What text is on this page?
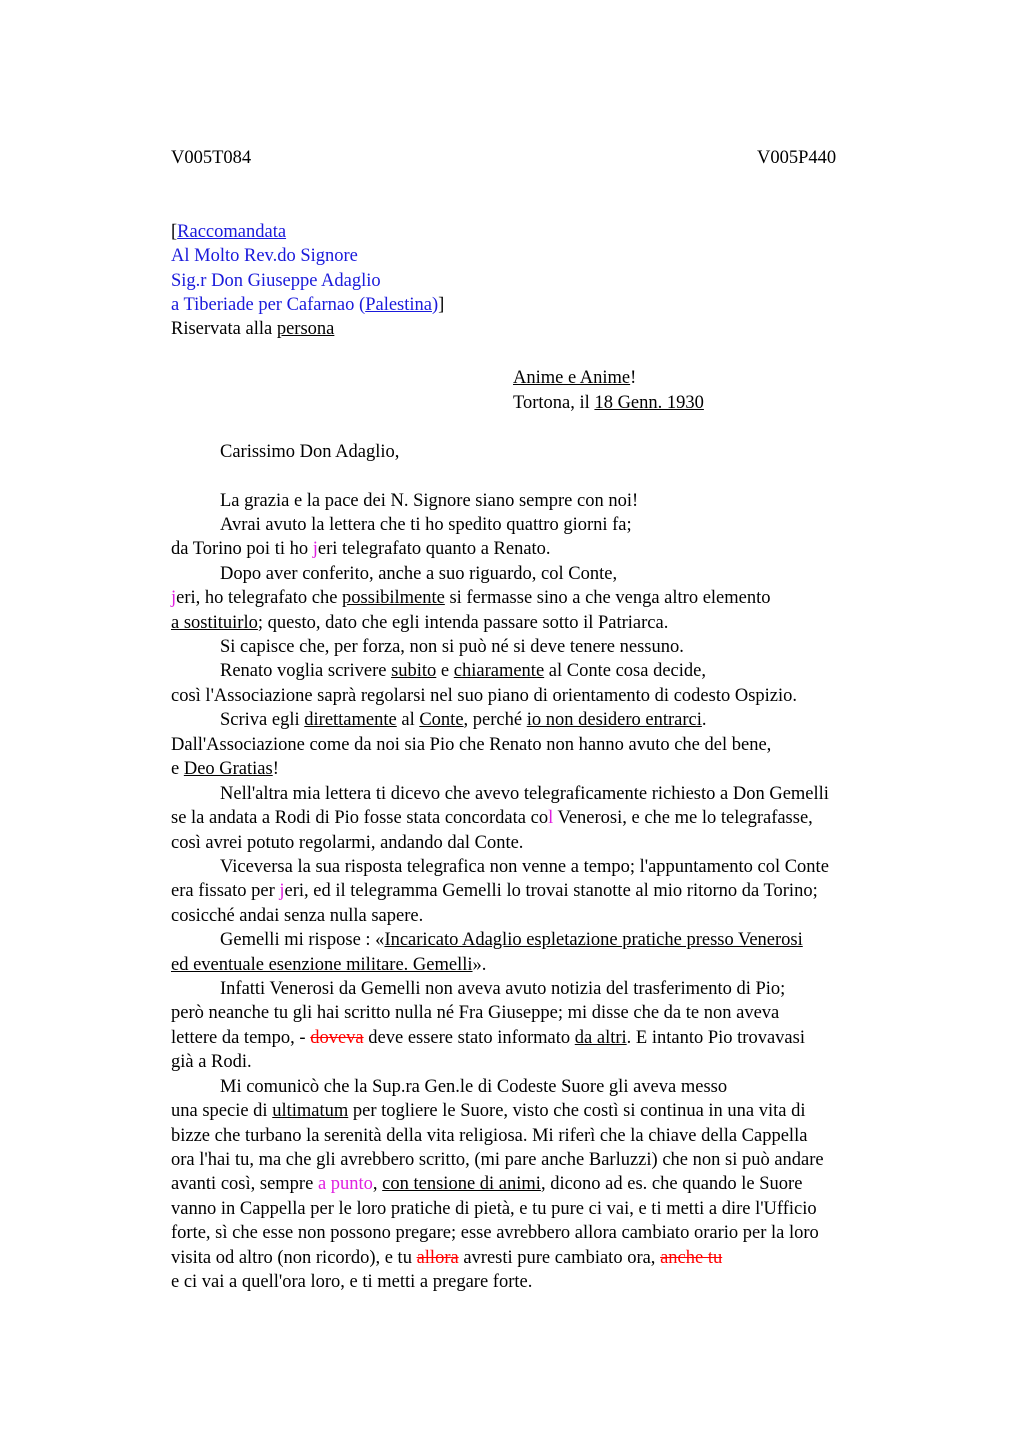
V005T084	V005P440
[Raccomandata
Al Molto Rev.do Signore
Sig.r Don Giuseppe Adaglio
a Tiberiade per Cafarnao (Palestina)]
Riservata alla persona
Anime e Anime!
Tortona, il 18 Genn. 1930
Carissimo Don Adaglio,
La grazia e la pace dei N. Signore siano sempre con noi!
Avrai avuto la lettera che ti ho spedito quattro giorni fa;
da Torino poi ti ho jeri telegrafato quanto a Renato.
Dopo aver conferito, anche a suo riguardo, col Conte,
jeri, ho telegrafato che possibilmente si fermasse sino a che venga altro elemento
a sostituirlo; questo, dato che egli intenda passare sotto il Patriarca.
Si capisce che, per forza, non si può né si deve tenere nessuno.
Renato voglia scrivere subito e chiaramente al Conte cosa decide,
così l'Associazione saprà regolarsi nel suo piano di orientamento di codesto Ospizio.
Scriva egli direttamente al Conte, perché io non desidero entrarci.
Dall'Associazione come da noi sia Pio che Renato non hanno avuto che del bene,
e Deo Gratias!
Nell'altra mia lettera ti dicevo che avevo telegraficamente richiesto a Don Gemelli
se la andata a Rodi di Pio fosse stata concordata col Venerosi, e che me lo telegrafasse,
così avrei potuto regolarmi, andando dal Conte.
Viceversa la sua risposta telegrafica non venne a tempo; l'appuntamento col Conte
era fissato per jeri, ed il telegramma Gemelli lo trovai stanotte al mio ritorno da Torino;
cosicché andai senza nulla sapere.
Gemelli mi rispose : «Incaricato Adaglio espletazione pratiche presso Venerosi
ed eventuale esenzione militare. Gemelli».
Infatti Venerosi da Gemelli non aveva avuto notizia del trasferimento di Pio;
però neanche tu gli hai scritto nulla né Fra Giuseppe; mi disse che da te non aveva
lettere da tempo, - doveva deve essere stato informato da altri. E intanto Pio trovavasi
già a Rodi.
Mi comunicò che la Sup.ra Gen.le di Codeste Suore gli aveva messo
una specie di ultimatum per togliere le Suore, visto che costì si continua in una vita di
bizze che turbano la serenità della vita religiosa. Mi riferì che la chiave della Cappella
ora l'hai tu, ma che gli avrebbero scritto, (mi pare anche Barluzzi) che non si può andare
avanti così, sempre a punto, con tensione di animi, dicono ad es. che quando le Suore
vanno in Cappella per le loro pratiche di pietà, e tu pure ci vai, e ti metti a dire l'Ufficio
forte, sì che esse non possono pregare; esse avrebbero allora cambiato orario per la loro
visita od altro (non ricordo), e tu allora avresti pure cambiato ora, anche tu
e ci vai a quell'ora loro, e ti metti a pregare forte.
